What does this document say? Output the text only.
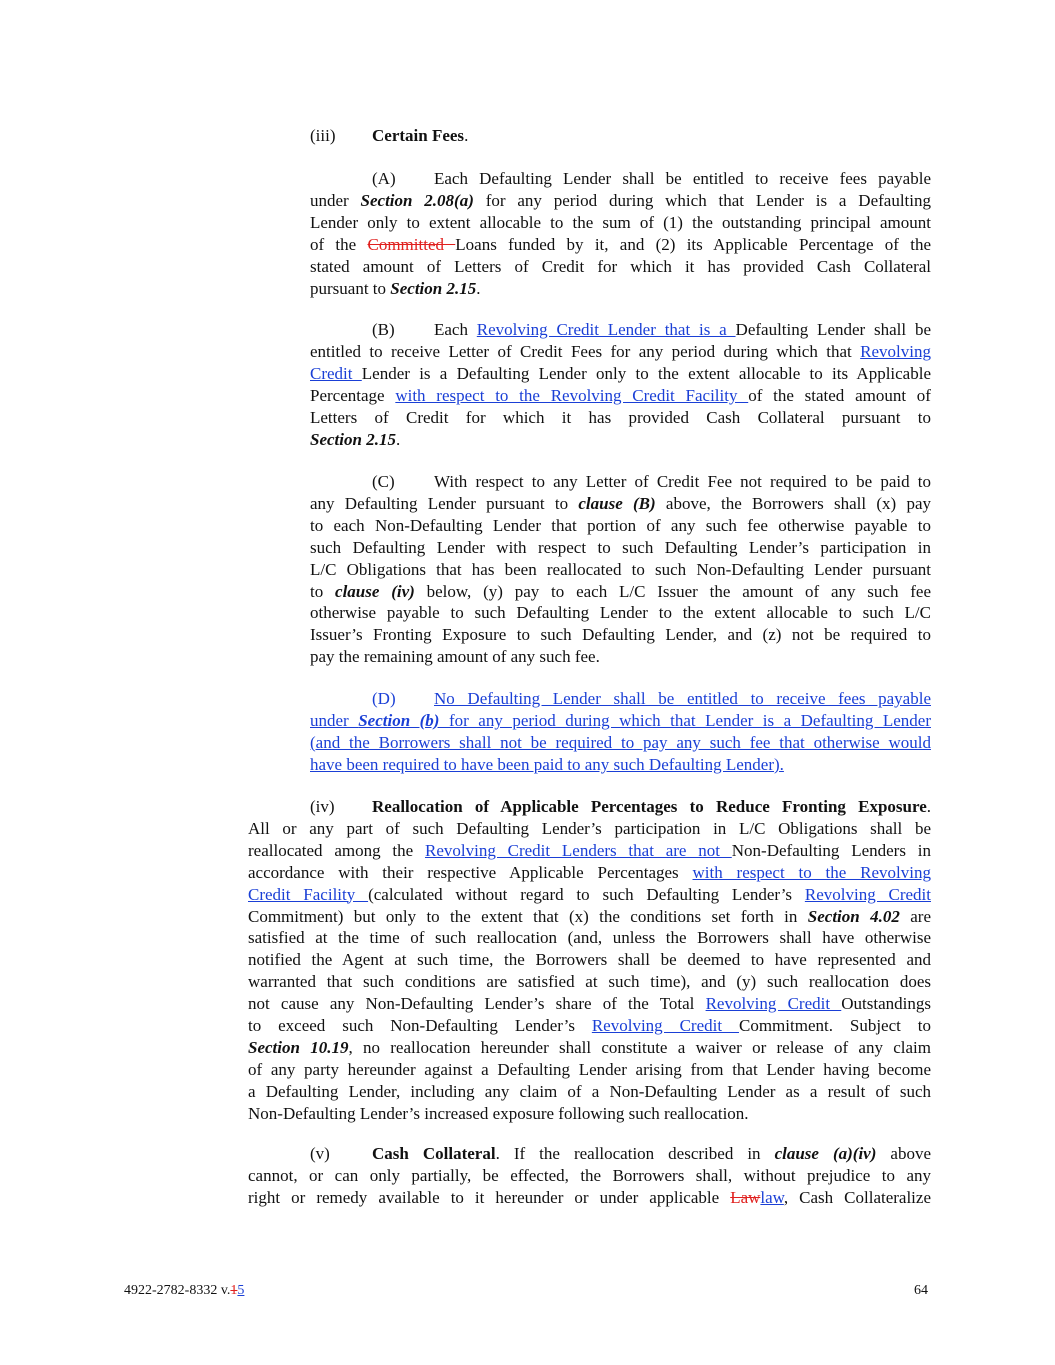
(iii) Certain Fees.

(A) Each Defaulting Lender shall be entitled to receive fees payable
under Section 2.08(a) for any period during which that Lender is a Defaulting
Lender only to extent allocable to the sum of (1) the outstanding principal amount
of the Committed Loans funded by it, and (2) its Applicable Percentage of the
stated amount of Letters of Credit for which it has provided Cash Collateral
pursuant to Section 2.15.
(B) Each Revolving Credit Lender that is a Defaulting Lender shall be
entitled to receive Letter of Credit Fees for any period during which that Revolving
Credit Lender is a Defaulting Lender only to the extent allocable to its Applicable
Percentage with respect to the Revolving Credit Facility of the stated amount of
Letters of Credit for which it has provided Cash Collateral pursuant to
Section 2.15.
(C) With respect to any Letter of Credit Fee not required to be paid to
any Defaulting Lender pursuant to clause (B) above, the Borrowers shall (x) pay
to each Non-Defaulting Lender that portion of any such fee otherwise payable to
such Defaulting Lender with respect to such Defaulting Lender’s participation in
L/C Obligations that has been reallocated to such Non-Defaulting Lender pursuant
to clause (iv) below, (y) pay to each L/C Issuer the amount of any such fee
otherwise payable to such Defaulting Lender to the extent allocable to such L/C
Issuer’s Fronting Exposure to such Defaulting Lender, and (z) not be required to
pay the remaining amount of any such fee.
(D) No Defaulting Lender shall be entitled to receive fees payable
under Section (b) for any period during which that Lender is a Defaulting Lender
(and the Borrowers shall not be required to pay any such fee that otherwise would
have been required to have been paid to any such Defaulting Lender).
(iv) Reallocation of Applicable Percentages to Reduce Fronting Exposure.
All or any part of such Defaulting Lender’s participation in L/C Obligations shall be
reallocated among the Revolving Credit Lenders that are not Non-Defaulting Lenders in
accordance with their respective Applicable Percentages with respect to the Revolving
Credit Facility (calculated without regard to such Defaulting Lender’s Revolving Credit
Commitment) but only to the extent that (x) the conditions set forth in Section 4.02 are
satisfied at the time of such reallocation (and, unless the Borrowers shall have otherwise
notified the Agent at such time, the Borrowers shall be deemed to have represented and
warranted that such conditions are satisfied at such time), and (y) such reallocation does
not cause any Non-Defaulting Lender’s share of the Total Revolving Credit Outstandings
to exceed such Non-Defaulting Lender’s Revolving Credit Commitment. Subject to
Section 10.19, no reallocation hereunder shall constitute a waiver or release of any claim
of any party hereunder against a Defaulting Lender arising from that Lender having become
a Defaulting Lender, including any claim of a Non-Defaulting Lender as a result of such
Non-Defaulting Lender’s increased exposure following such reallocation.
(v) Cash Collateral. If the reallocation described in clause (a)(iv) above
cannot, or can only partially, be effected, the Borrowers shall, without prejudice to any
right or remedy available to it hereunder or under applicable Lawlaw, Cash Collateralize
4922-2782-8332 v.15	64
